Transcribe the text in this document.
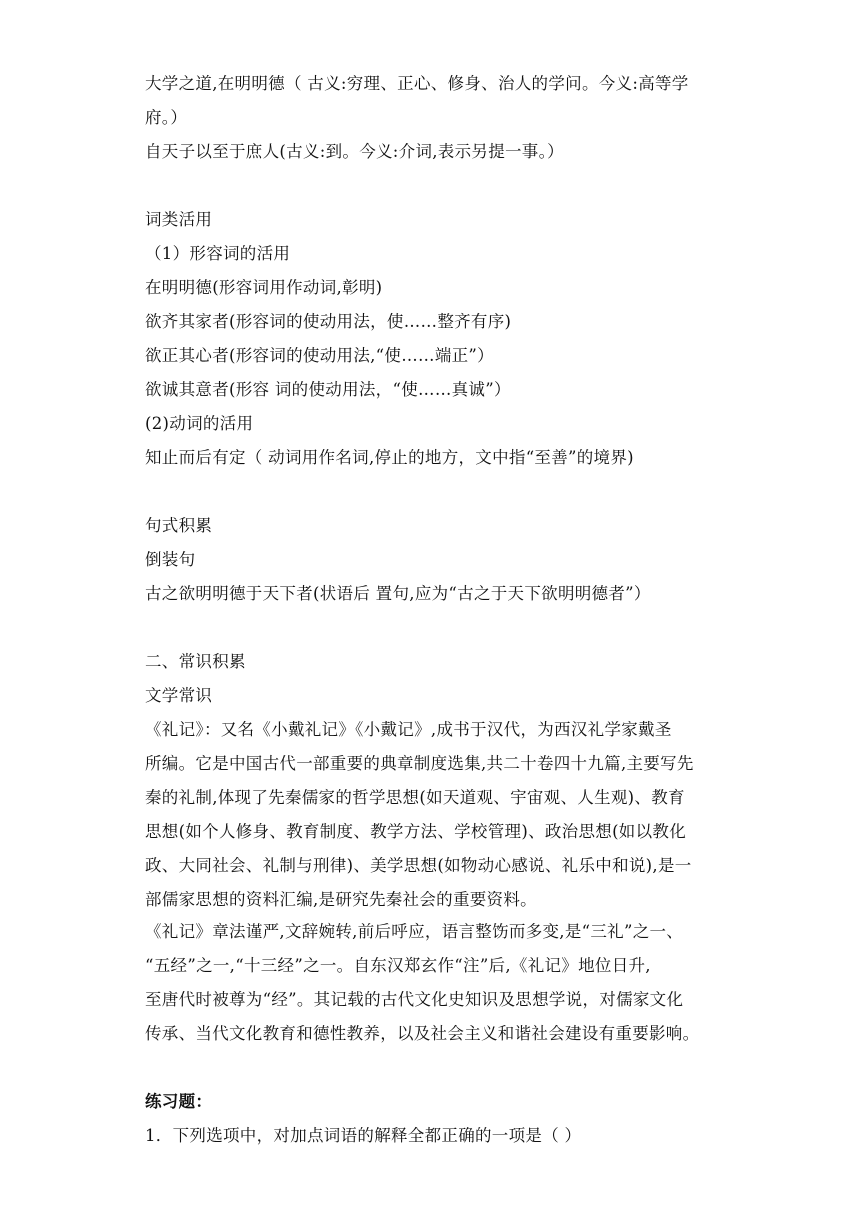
大学之道,在明明德（ 古义:穷理、正心、修身、治人的学问。今义:高等学
府。）
自天子以至于庶人(古义:到。今义:介词,表示另提一事。）
词类活用
（1）形容词的活用
在明明德(形容词用作动词,彰明)
欲齐其家者(形容词的使动用法，使……整齐有序)
欲正其心者(形容词的使动用法,“使……端正”）
欲诚其意者(形容 词的使动用法，“使……真诚”）
(2)动词的活用
知止而后有定（ 动词用作名词,停止的地方，文中指“至善”的境界)
句式积累
倒装句
古之欲明明德于天下者(状语后 置句,应为“古之于天下欲明明德者”）
二、常识积累
文学常识
《礼记》：又名《小戴礼记》《小戴记》,成书于汉代，为西汉礼学家戴圣
所编。它是中国古代一部重要的典章制度选集,共二十卷四十九篇,主要写先
秦的礼制,体现了先秦儒家的哲学思想(如天道观、宇宙观、人生观)、教育
思想(如个人修身、教育制度、教学方法、学校管理)、政治思想(如以教化
政、大同社会、礼制与刑律)、美学思想(如物动心感说、礼乐中和说),是一
部儒家思想的资料汇编,是研究先秦社会的重要资料。
《礼记》章法谨严,文辞婉转,前后呼应，语言整饬而多变,是“三礼”之一、
“五经”之一,“十三经”之一。自东汉郑玄作“注”后,《礼记》地位日升,
至唐代时被尊为“经”。其记载的古代文化史知识及思想学说，对儒家文化
传承、当代文化教育和德性教养，以及社会主义和谐社会建设有重要影响。
练习题：
1．下列选项中，对加点词语的解释全都正确的一项是（ ）
